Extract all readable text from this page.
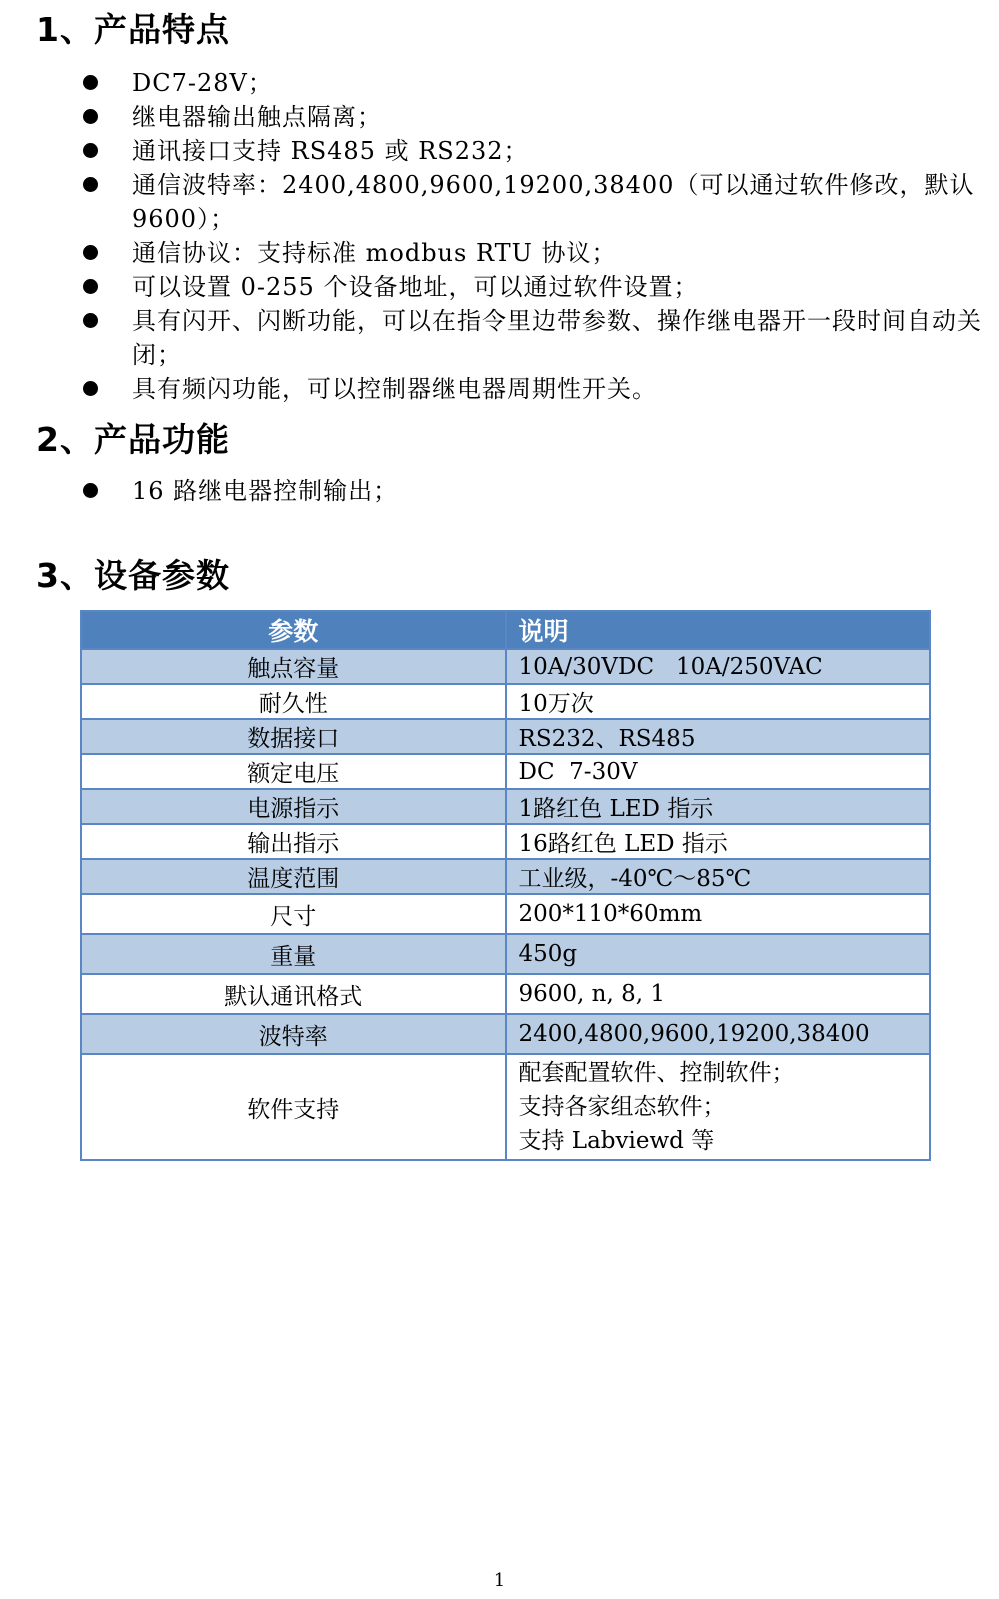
1、产品特点
DC7-28V；
继电器输出触点隔离；
通讯接口支持 RS485 或 RS232；
通信波特率：2400,4800,9600,19200,38400（可以通过软件修改，默认9600）；
通信协议：支持标准 modbus RTU 协议；
可以设置 0-255 个设备地址，可以通过软件设置；
具有闪开、闪断功能，可以在指令里边带参数、操作继电器开一段时间自动关闭；
具有频闪功能，可以控制器继电器周期性开关。
2、产品功能
16 路继电器控制输出；
3、设备参数
参数	说明
触点容量	10A/30VDC   10A/250VAC
耐久性	10万次
数据接口	RS232、RS485
额定电压	DC  7-30V
电源指示	1路红色 LED 指示
输出指示	16路红色 LED 指示
温度范围	工业级，-40℃～85℃
尺寸	200*110*60mm
重量	450g
默认通讯格式	9600, n, 8, 1
波特率	2400,4800,9600,19200,38400
软件支持	配套配置软件、控制软件；
支持各家组态软件；
支持 Labviewd 等
1
